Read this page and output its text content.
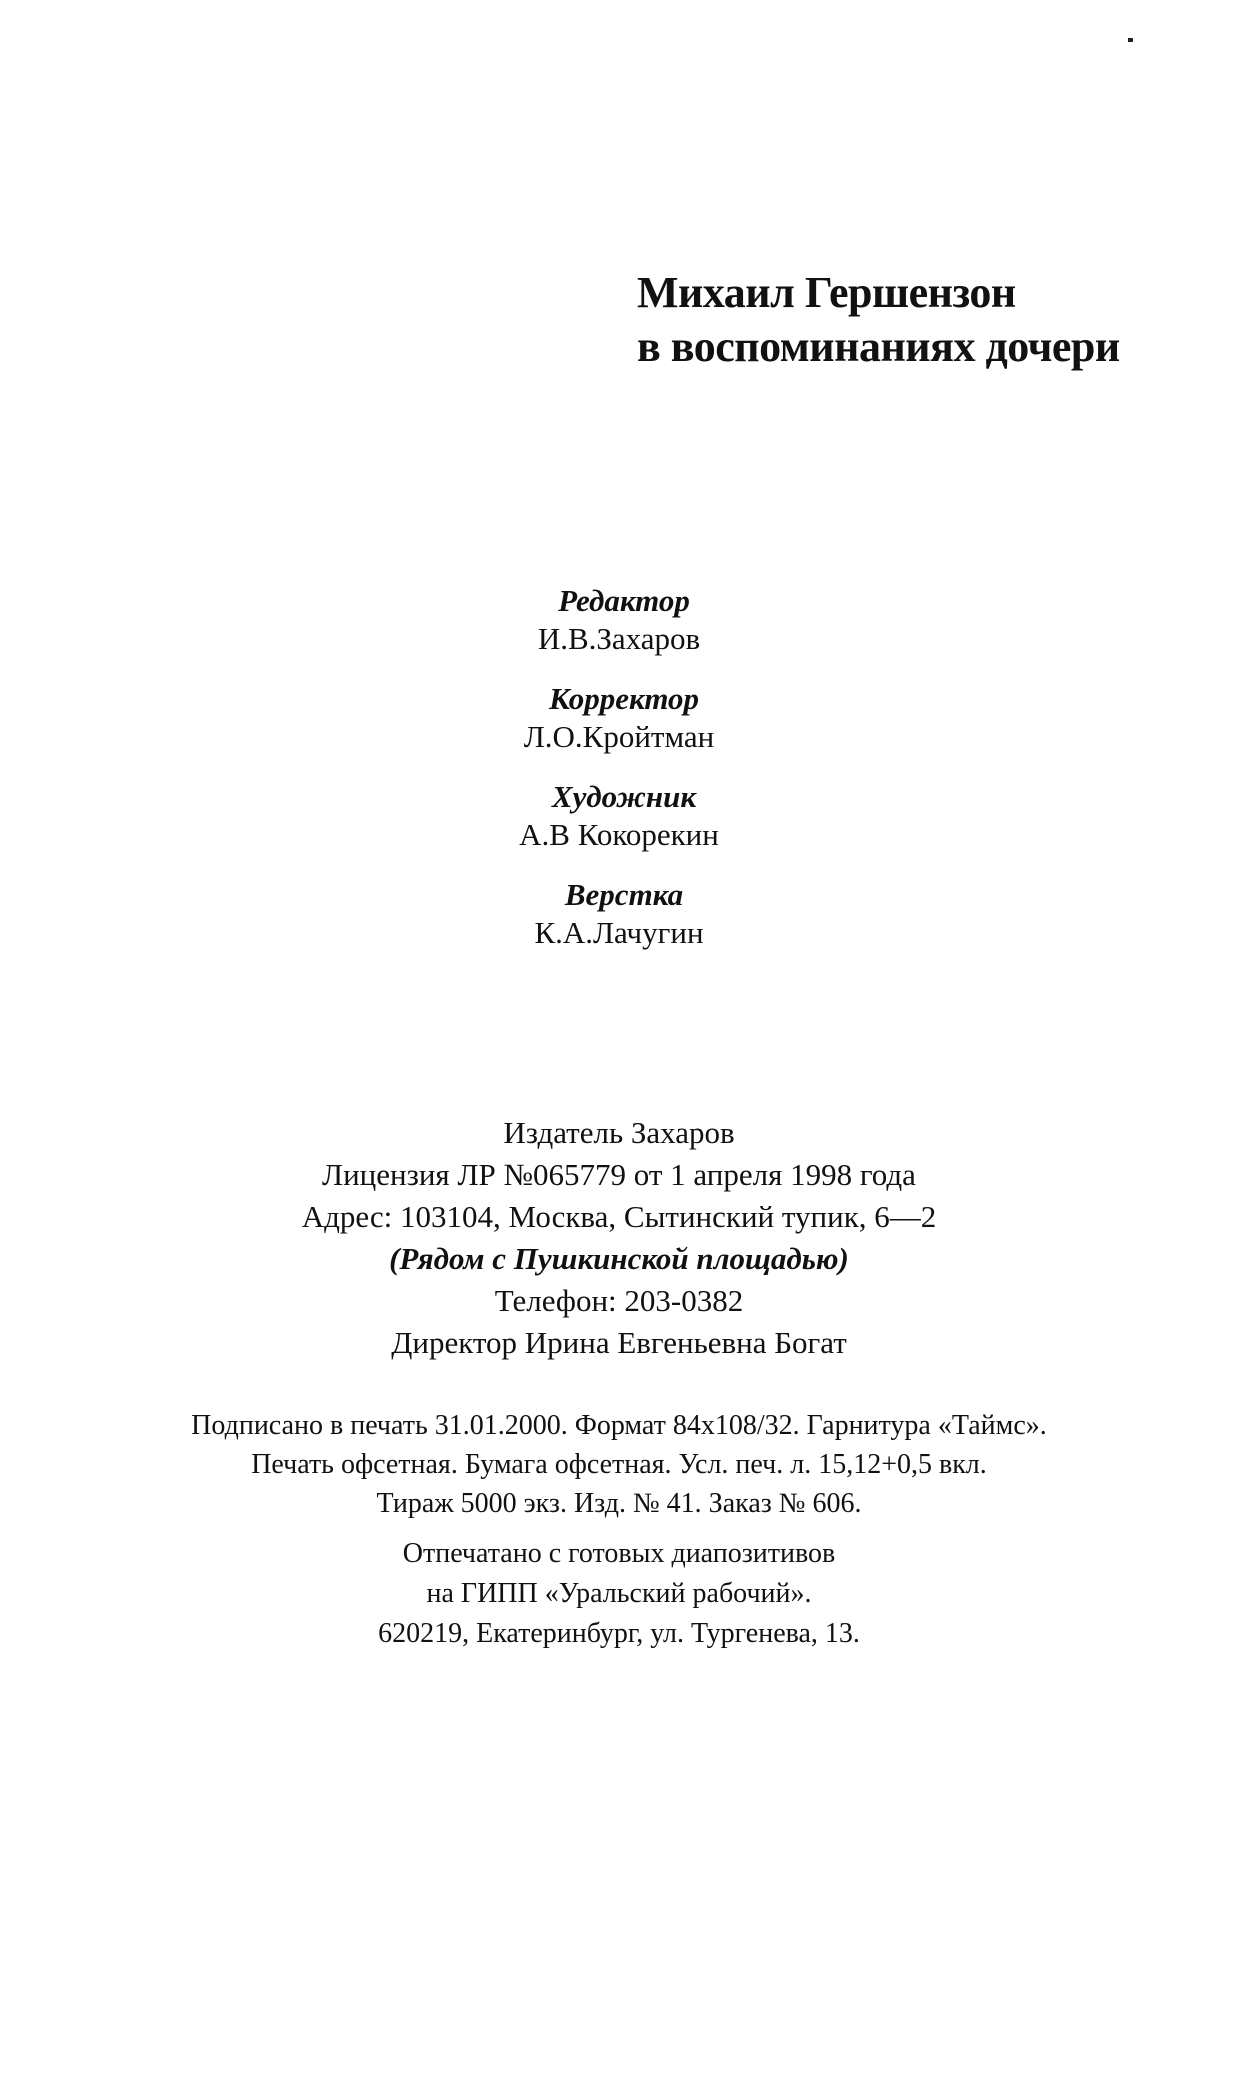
Михаил Гершензон
в воспоминаниях дочери
Редактор
И.В.Захаров
Корректор
Л.О.Кройтман
Художник
А.В Кокорекин
Верстка
К.А.Лачугин
Издатель Захаров
Лицензия ЛР №065779 от 1 апреля 1998 года
Адрес: 103104, Москва, Сытинский тупик, 6—2
(Рядом с Пушкинской площадью)
Телефон: 203-0382
Директор Ирина Евгеньевна Богат
Подписано в печать 31.01.2000. Формат 84x108/32. Гарнитура «Таймс».
Печать офсетная. Бумага офсетная. Усл. печ. л. 15,12+0,5 вкл.
Тираж 5000 экз. Изд. № 41. Заказ № 606.
Отпечатано с готовых диапозитивов
на ГИПП «Уральский рабочий».
620219, Екатеринбург, ул. Тургенева, 13.
